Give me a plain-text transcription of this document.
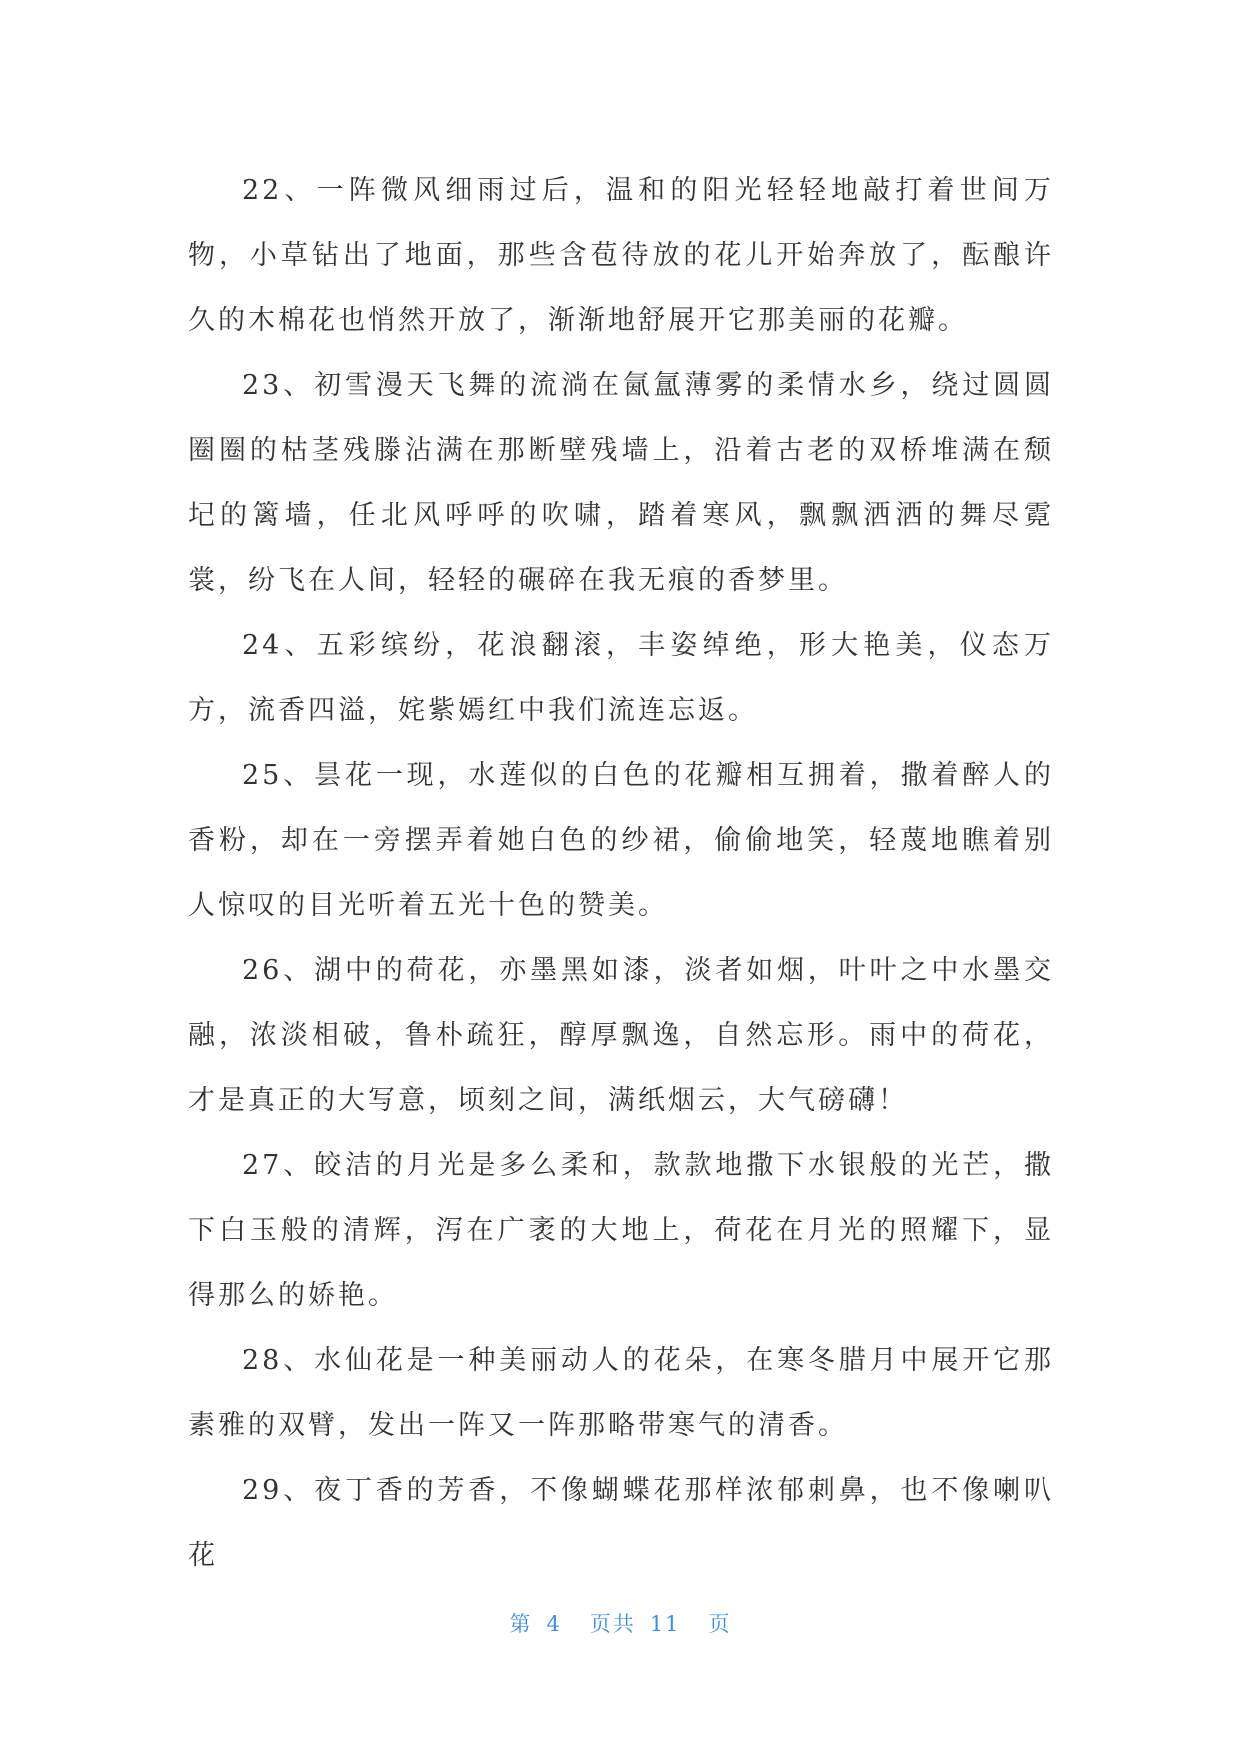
22、一阵微风细雨过后，温和的阳光轻轻地敲打着世间万物，小草钻出了地面，那些含苞待放的花儿开始奔放了，酝酿许久的木棉花也悄然开放了，渐渐地舒展开它那美丽的花瓣。

23、初雪漫天飞舞的流淌在氤氲薄雾的柔情水乡，绕过圆圆圈圈的枯茎残滕沾满在那断壁残墙上，沿着古老的双桥堆满在颓圮的篱墙，任北风呼呼的吹啸，踏着寒风，飘飘洒洒的舞尽霓裳，纷飞在人间，轻轻的碾碎在我无痕的香梦里。

24、五彩缤纷，花浪翻滚，丰姿绰绝，形大艳美，仪态万方，流香四溢，姹紫嫣红中我们流连忘返。

25、昙花一现，水莲似的白色的花瓣相互拥着，撒着醉人的香粉，却在一旁摆弄着她白色的纱裙，偷偷地笑，轻蔑地瞧着别人惊叹的目光听着五光十色的赞美。

26、湖中的荷花，亦墨黑如漆，淡者如烟，叶叶之中水墨交融，浓淡相破，鲁朴疏狂，醇厚飘逸，自然忘形。雨中的荷花，才是真正的大写意，顷刻之间，满纸烟云，大气磅礴！

27、皎洁的月光是多么柔和，款款地撒下水银般的光芒，撒下白玉般的清辉，泻在广袤的大地上，荷花在月光的照耀下，显得那么的娇艳。

28、水仙花是一种美丽动人的花朵，在寒冬腊月中展开它那素雅的双臂，发出一阵又一阵那略带寒气的清香。

29、夜丁香的芳香，不像蝴蝶花那样浓郁刺鼻，也不像喇叭花

第 4 页共 11 页
